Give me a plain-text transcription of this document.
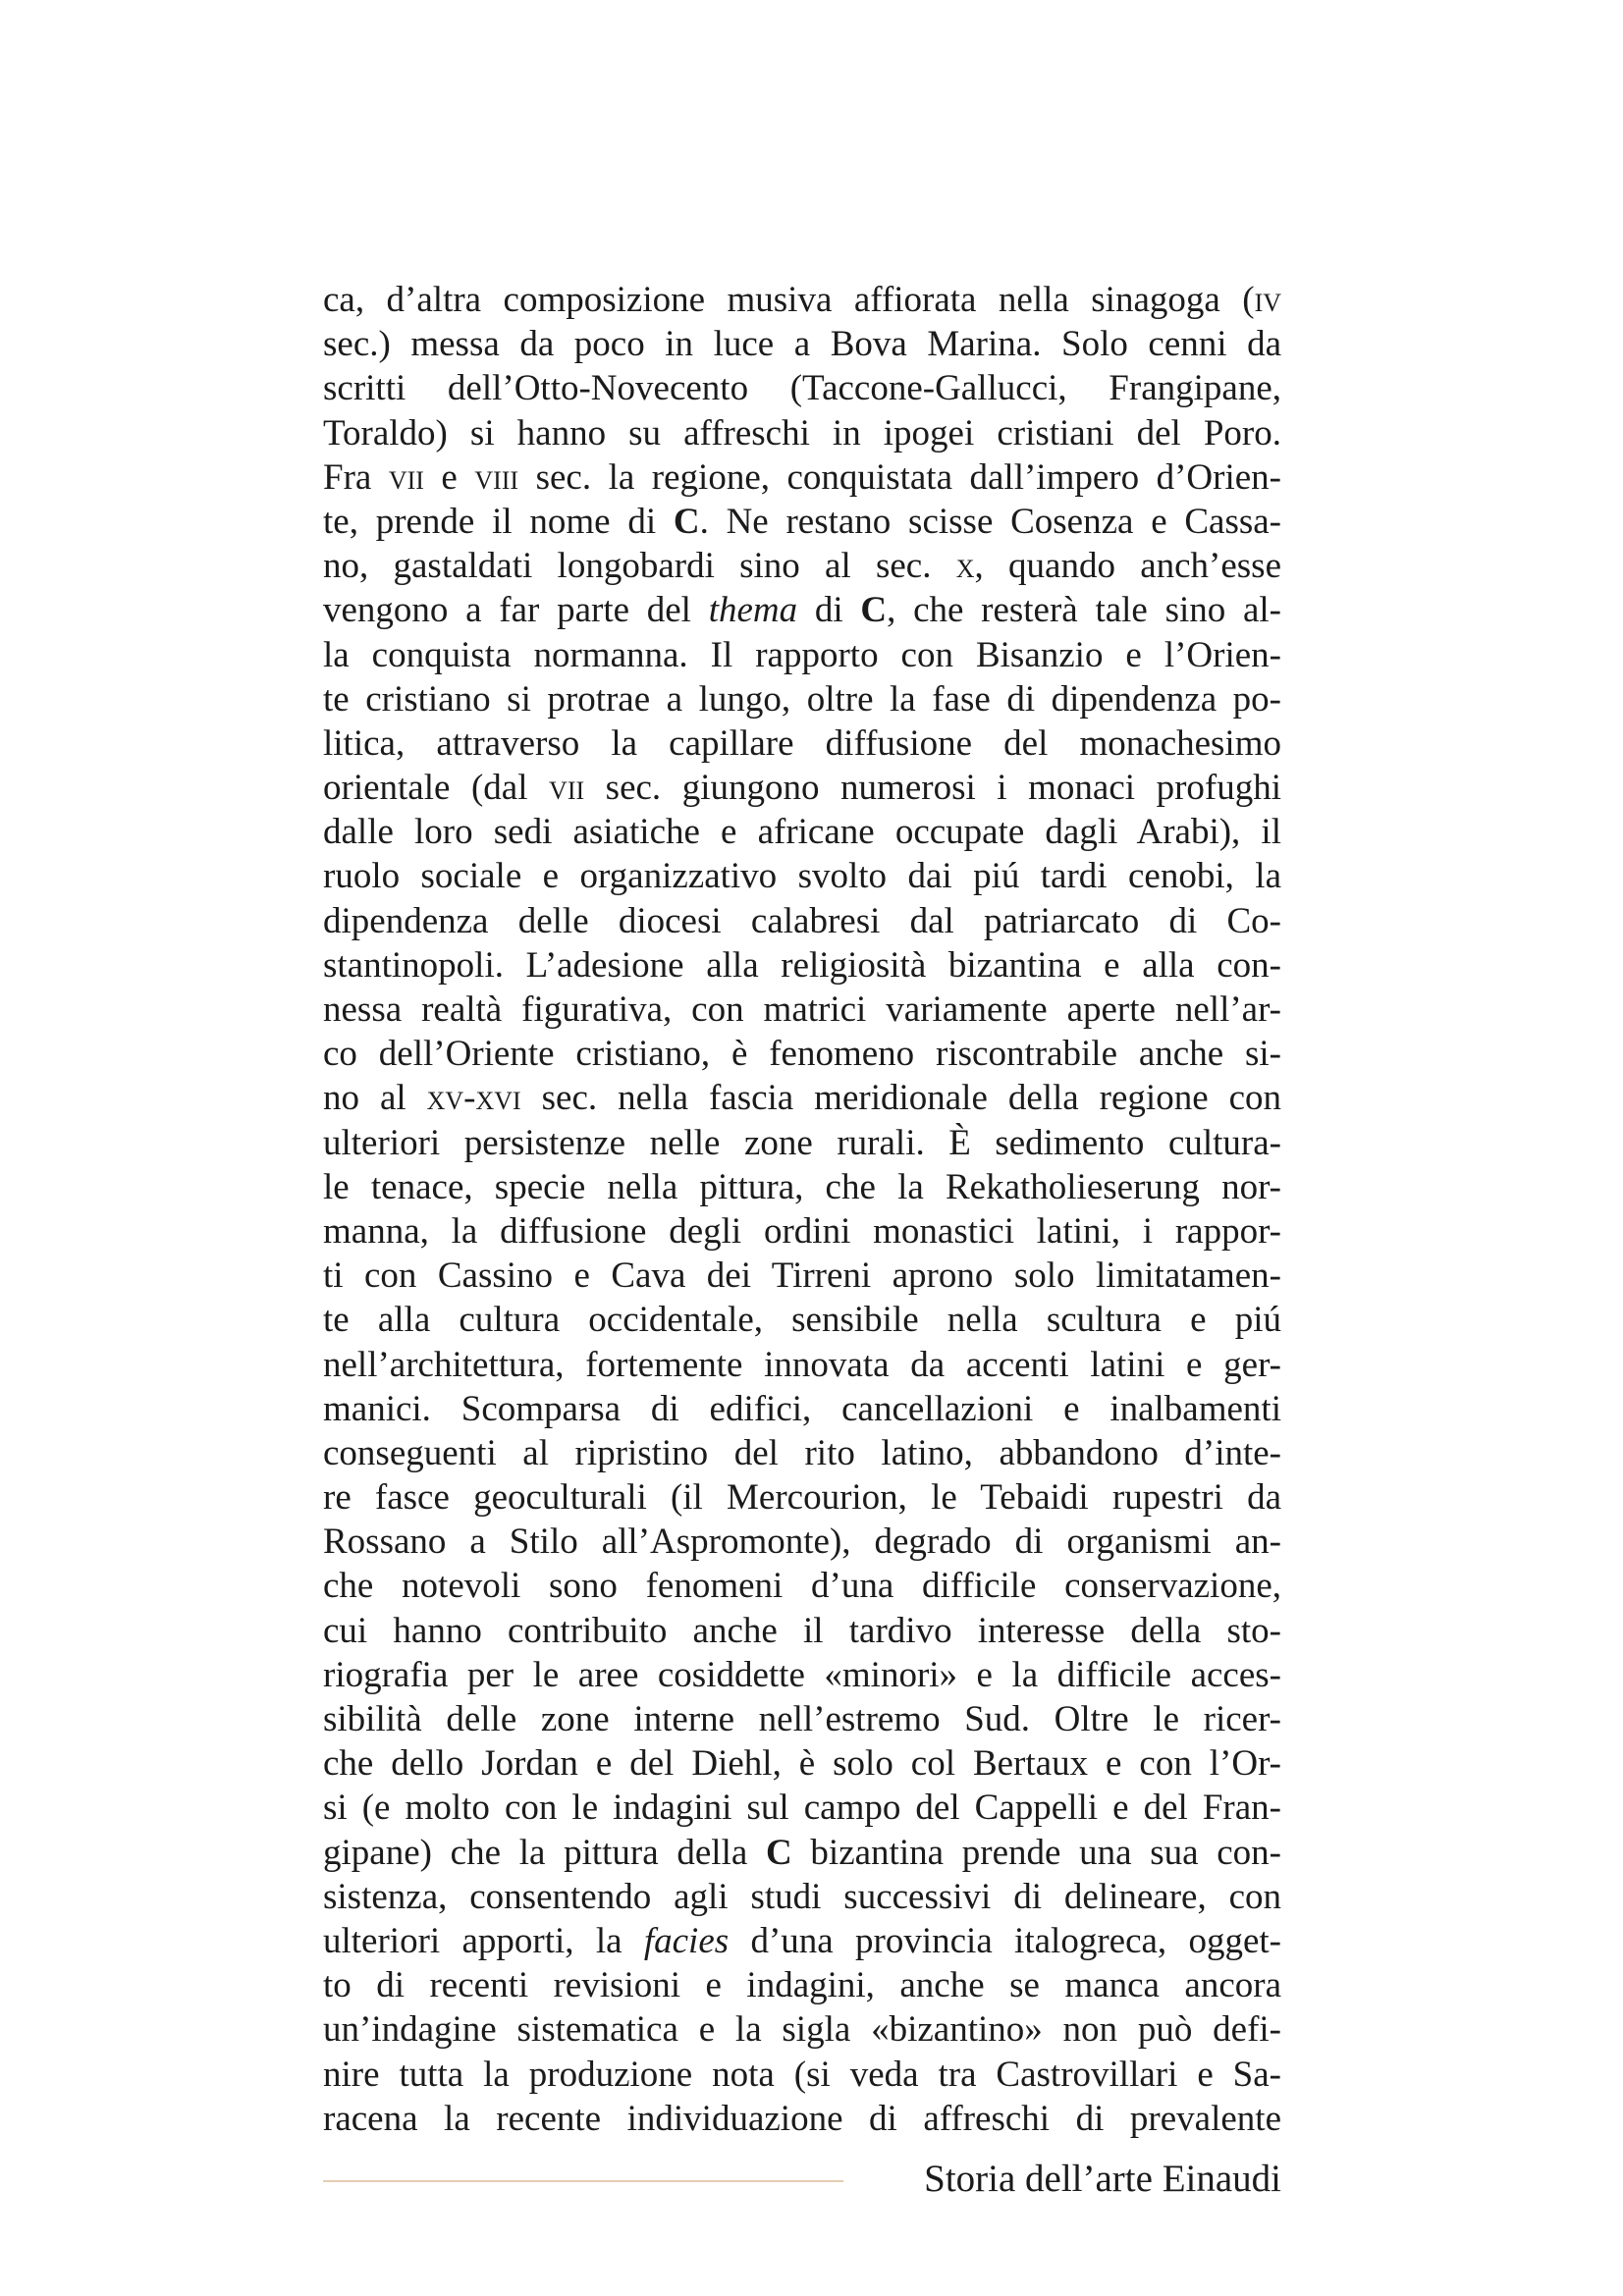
ca, d’altra composizione musiva affiorata nella sinagoga (iv
sec.) messa da poco in luce a Bova Marina. Solo cenni da
scritti dell’Otto-Novecento (Taccone-Gallucci, Frangipane,
Toraldo) si hanno su affreschi in ipogei cristiani del Poro.
Fra vii e viii sec. la regione, conquistata dall’impero d’Orien-
te, prende il nome di C. Ne restano scisse Cosenza e Cassa-
no, gastaldati longobardi sino al sec. x, quando anch’esse
vengono a far parte del thema di C, che resterà tale sino al-
la conquista normanna. Il rapporto con Bisanzio e l’Orien-
te cristiano si protrae a lungo, oltre la fase di dipendenza po-
litica, attraverso la capillare diffusione del monachesimo
orientale (dal vii sec. giungono numerosi i monaci profughi
dalle loro sedi asiatiche e africane occupate dagli Arabi), il
ruolo sociale e organizzativo svolto dai piú tardi cenobi, la
dipendenza delle diocesi calabresi dal patriarcato di Co-
stantinopoli. L’adesione alla religiosità bizantina e alla con-
nessa realtà figurativa, con matrici variamente aperte nell’ar-
co dell’Oriente cristiano, è fenomeno riscontrabile anche si-
no al xv-xvi sec. nella fascia meridionale della regione con
ulteriori persistenze nelle zone rurali. È sedimento cultura-
le tenace, specie nella pittura, che la Rekatholieserung nor-
manna, la diffusione degli ordini monastici latini, i rappor-
ti con Cassino e Cava dei Tirreni aprono solo limitatamen-
te alla cultura occidentale, sensibile nella scultura e piú
nell’architettura, fortemente innovata da accenti latini e ger-
manici. Scomparsa di edifici, cancellazioni e inalbamenti
conseguenti al ripristino del rito latino, abbandono d’inte-
re fasce geoculturali (il Mercourion, le Tebaidi rupestri da
Rossano a Stilo all’Aspromonte), degrado di organismi an-
che notevoli sono fenomeni d’una difficile conservazione,
cui hanno contribuito anche il tardivo interesse della sto-
riografia per le aree cosiddette «minori» e la difficile acces-
sibilità delle zone interne nell’estremo Sud. Oltre le ricer-
che dello Jordan e del Diehl, è solo col Bertaux e con l’Or-
si (e molto con le indagini sul campo del Cappelli e del Fran-
gipane) che la pittura della C bizantina prende una sua con-
sistenza, consentendo agli studi successivi di delineare, con
ulteriori apporti, la facies d’una provincia italogreca, ogget-
to di recenti revisioni e indagini, anche se manca ancora
un’indagine sistematica e la sigla «bizantino» non può defi-
nire tutta la produzione nota (si veda tra Castrovillari e Sa-
racena la recente individuazione di affreschi di prevalente
Storia dell’arte Einaudi
